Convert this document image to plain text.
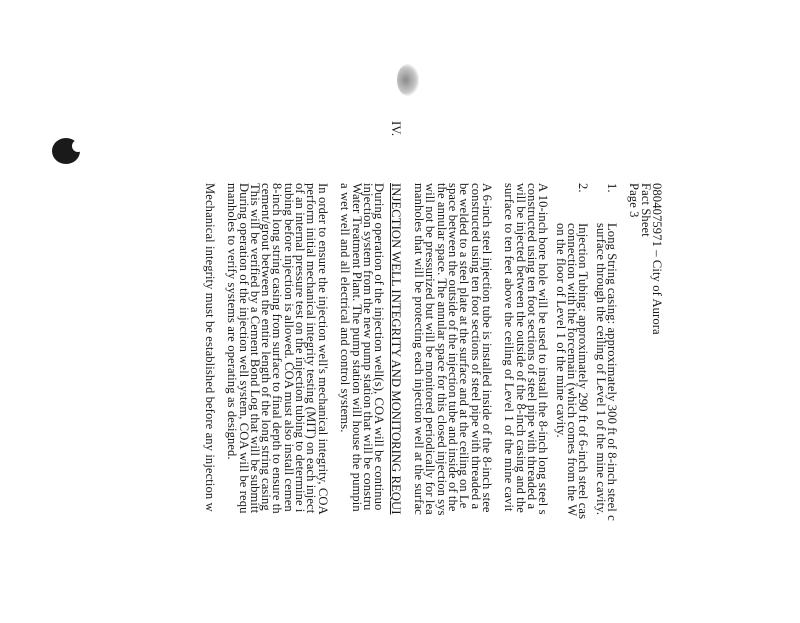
0804075971 – City of Aurora
Fact Sheet
Page 3
1.Long String casing: approximately 300 ft of 8-inch steel c
surface through the ceiling of Level 1 of the mine cavity.
2.Injection Tubing: approximately 290 ft of 6-inch steel cas
connection with the forcemain (which comes from the W
on the floor of Level 1 of the mine cavity.
A 10-inch bore hole will be used to install the 8-inch long steel s
constructed using ten foot sections of steel pipe with threaded a
will be injected between the outside of the 8-inch casing and the
surface to ten feet above the ceiling of Level 1 of the mine cavit
A 6-inch steel injection tube is installed inside of the 8-inch stee
constructed using ten foot sections of steel pipe with threaded a
be welded to a steel plate at the surface and at the ceiling on Le
space between the outside of the injection tube and inside of the
the annular space. The annular space for this closed injection sys
will not be pressurized but will be monitored periodically for lea
manholes that will be protecting each injection well at the surfac
IV.INJECTION WELL INTEGRITY AND MONITORING REQUI
During operation of the injection well(s), COA will be continuo
injection system from the new pump station that will be constru
Water Treatment Plant. The pump station will house the pumpin
a wet well and all electrical and control systems.
In order to ensure the injection well's mechanical integrity, COA
perform initial mechanical integrity testing (MIT) on each inject
of an internal pressure test on the injection tubing to determine i
tubing before injection is allowed. COA must also install cemen
8-inch long string casing from surface to final depth to ensure th
cement/grout between the entire length of the long string casing
This will be verified by a Cement Bond Log that will be submitt
During operation of the injection well system, COA will be requ
manholes to verify systems are operating as designed.
Mechanical integrity must be established before any injection w
